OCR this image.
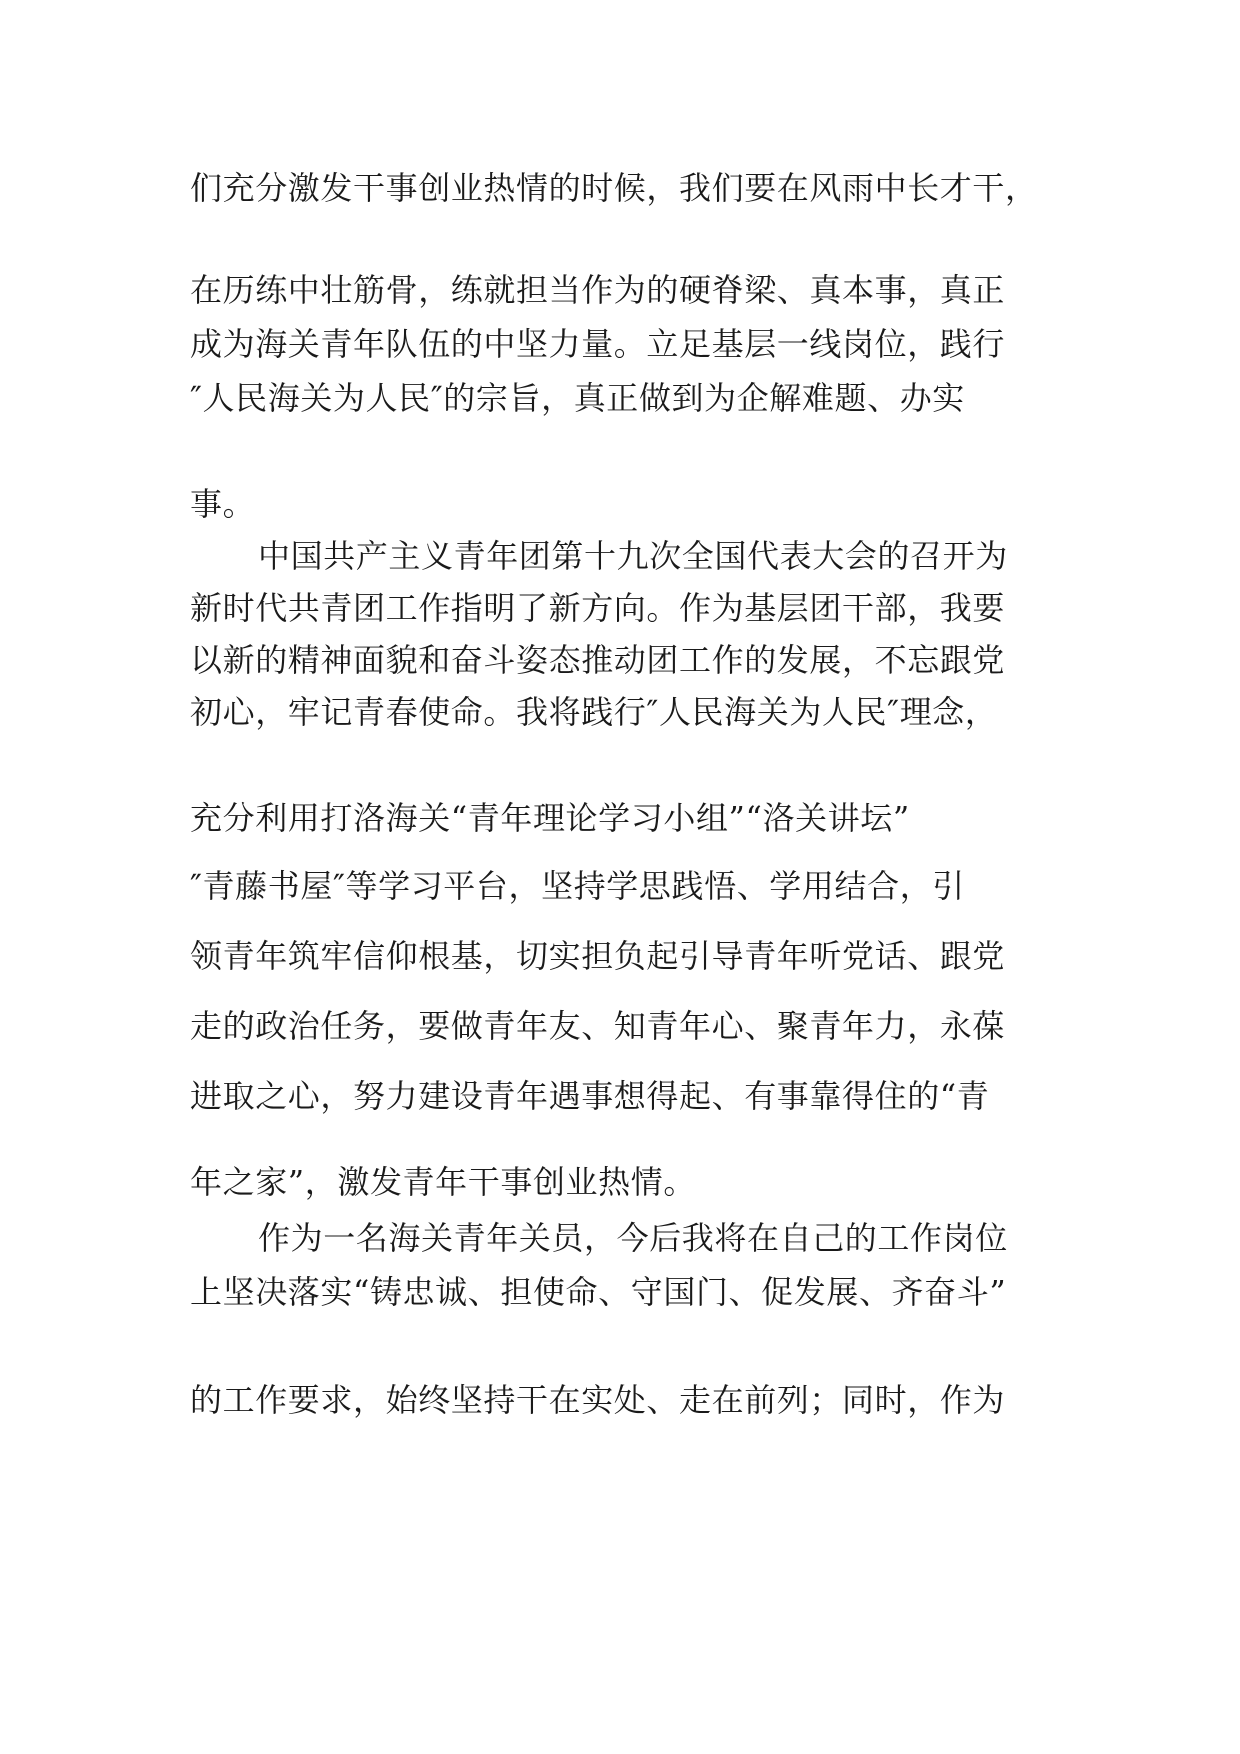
们充分激发干事创业热情的时候，我们要在风雨中长才干，

在历练中壮筋骨，练就担当作为的硬脊梁、真本事，真正

成为海关青年队伍的中坚力量。立足基层一线岗位，践行

″人民海关为人民″的宗旨，真正做到为企解难题、办实

事。

中国共产主义青年团第十九次全国代表大会的召开为

新时代共青团工作指明了新方向。作为基层团干部，我要

以新的精神面貌和奋斗姿态推动团工作的发展，不忘跟党

初心，牢记青春使命。我将践行″人民海关为人民″理念，

充分利用打洛海关“青年理论学习小组”“洛关讲坛”

″青藤书屋″等学习平台，坚持学思践悟、学用结合，引

领青年筑牢信仰根基，切实担负起引导青年听党话、跟党

走的政治任务，要做青年友、知青年心、聚青年力，永葆

进取之心，努力建设青年遇事想得起、有事靠得住的“青

年之家”，激发青年干事创业热情。

作为一名海关青年关员，今后我将在自己的工作岗位

上坚决落实“铸忠诚、担使命、守国门、促发展、齐奋斗”

的工作要求，始终坚持干在实处、走在前列；同时，作为
